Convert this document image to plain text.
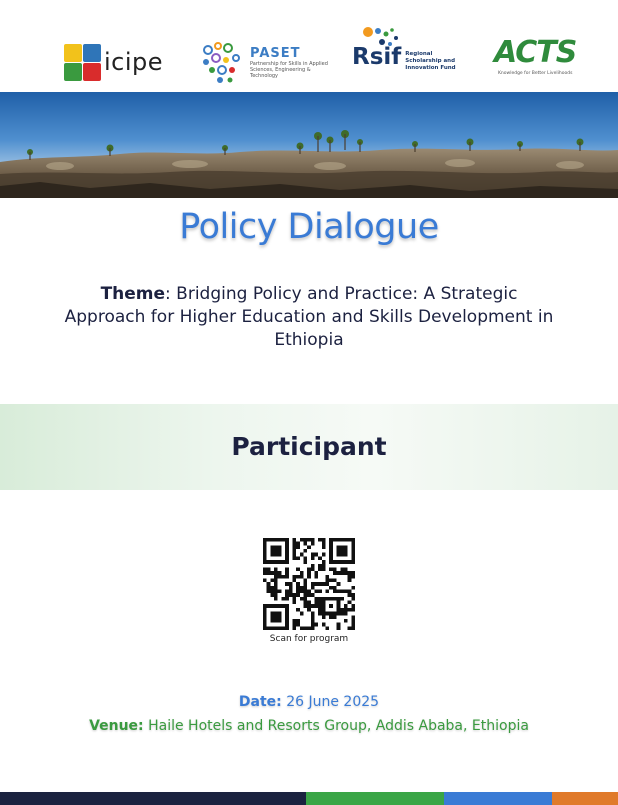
icipe	PASET
Partnership for Skills in Applied Sciences, Engineering & Technology
Rsif Regional Scholarship and Innovation Fund ACTS
Knowledge for Better Livelihoods
Policy Dialogue
Theme: Bridging Policy and Practice: A Strategic Approach for Higher Education and Skills Development in Ethiopia
Participant
Scan for program
Date: 26 June 2025
Venue: Haile Hotels and Resorts Group, Addis Ababa, Ethiopia
